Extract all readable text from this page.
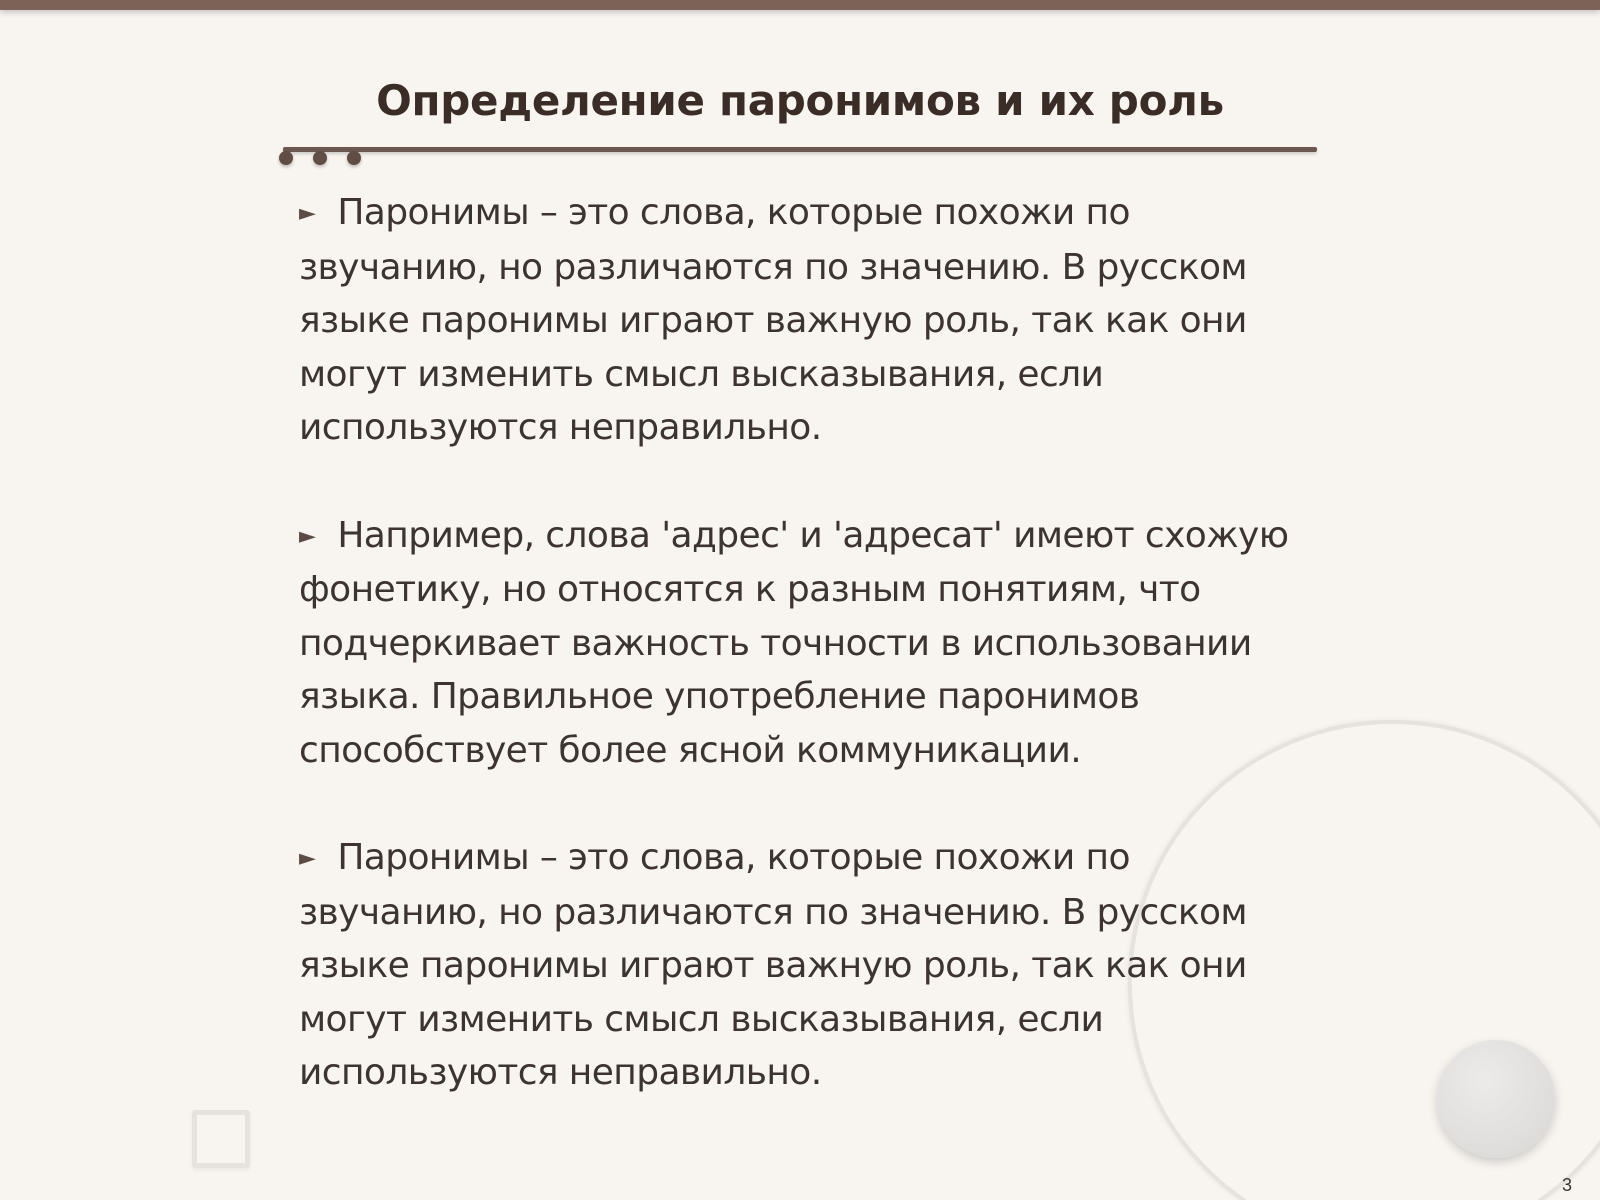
Определение паронимов и их роль

► Паронимы – это слова, которые похожи по звучанию, но различаются по значению. В русском языке паронимы играют важную роль, так как они могут изменить смысл высказывания, если используются неправильно.

► Например, слова 'адрес' и 'адресат' имеют схожую фонетику, но относятся к разным понятиям, что подчеркивает важность точности в использовании языка. Правильное употребление паронимов способствует более ясной коммуникации.

► Паронимы – это слова, которые похожи по звучанию, но различаются по значению. В русском языке паронимы играют важную роль, так как они могут изменить смысл высказывания, если используются неправильно.

3
